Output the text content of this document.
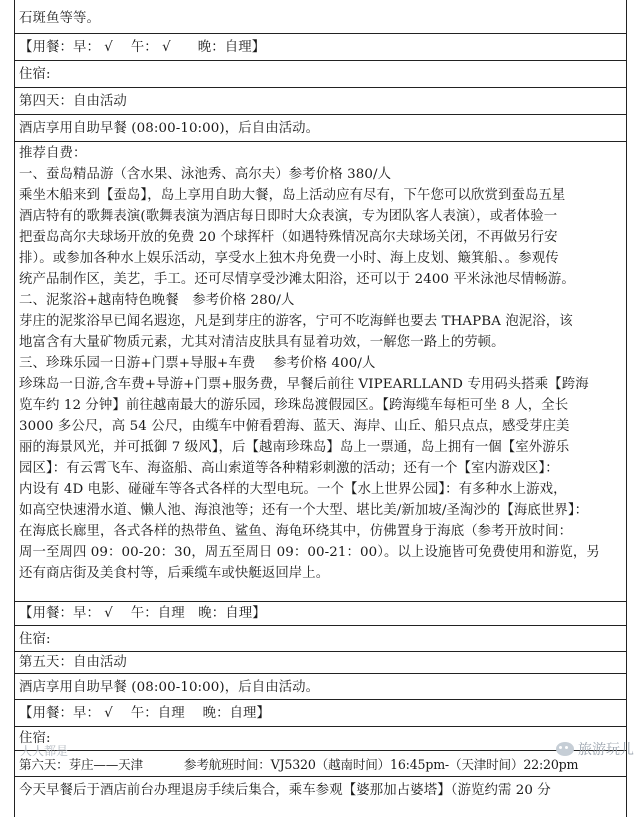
石斑鱼等等。
【用餐：早： √　 午： √　　晚：自理】
住宿:
第四天：自由活动
酒店享用自助早餐 (08:00-10:00)，后自由活动。
推荐自费：
一、蚕岛精品游（含水果、泳池秀、高尔夫）参考价格 380/人
乘坐木船来到【蚕岛】，岛上享用自助大餐，岛上活动应有尽有，下午您可以欣赏到蚕岛五星
酒店特有的歌舞表演(歌舞表演为酒店每日即时大众表演，专为团队客人表演），或者体验一
把蚕岛高尔夫球场开放的免费 20 个球挥杆（如遇特殊情况高尔夫球场关闭，不再做另行安
排）。或参加各种水上娱乐活动，享受水上独木舟免费一小时、海上皮划、簸箕船、。参观传
统产品制作区，美艺，手工。还可尽情享受沙滩太阳浴，还可以于 2400 平米泳池尽情畅游。
二、泥浆浴+越南特色晚餐　参考价格 280/人
芽庄的泥浆浴早已闻名遐迩，凡是到芽庄的游客，宁可不吃海鲜也要去 THAPBA 泡泥浴，该
地富含有大量矿物质元素，尤其对清洁皮肤具有显着功效，一解您一路上的劳顿。
三、珍珠乐园一日游+门票+导服+车费　 参考价格 400/人
珍珠岛一日游,含车费+导游+门票+服务费，早餐后前往 VIPEARLLAND 专用码头搭乘【跨海
览车约 12 分钟】前往越南最大的游乐园，珍珠岛渡假园区。【跨海缆车每柜可坐 8 人，全长
3000 多公尺，高 54 公尺，由缆车中俯看碧海、蓝天、海岸、山丘、船只点点，感受芽庄美
丽的海景风光，并可抵御 7 级风】，后【越南珍珠岛】岛上一票通，岛上拥有一個【室外游乐
园区】：有云霄飞车、海盗船、高山索道等各种精彩刺激的活动；还有一个【室内游戏区】：
内设有 4D 电影、碰碰车等各式各样的大型电玩。一个【水上世界公园】：有多种水上游戏，
如高空快速滑水道、懒人池、海浪池等；还有一个大型、堪比美/新加坡/圣淘沙的【海底世界】：
在海底长廊里，各式各样的热带鱼、鲨鱼、海龟环绕其中，仿佛置身于海底（参考开放时间：
周一至周四 09：00-20：30，周五至周日 09：00-21：00）。以上设施皆可免费使用和游览，另
还有商店街及美食村等，后乘缆车或快艇返回岸上。
【用餐：早： √　 午：自理　晚：自理】
住宿:
第五天：自由活动
酒店享用自助早餐 (08:00-10:00)，后自由活动。
【用餐：早： √　 午：自理　 晚：自理】
住宿:
第六天：芽庄——天津　　　 参考航班时间：VJ5320（越南时间）16:45pm-（天津时间）22:20pm
今天早餐后于酒店前台办理退房手续后集合，乘车参观【婆那加占婆塔】（游览约需 20 分
人人都是	旅游玩儿
